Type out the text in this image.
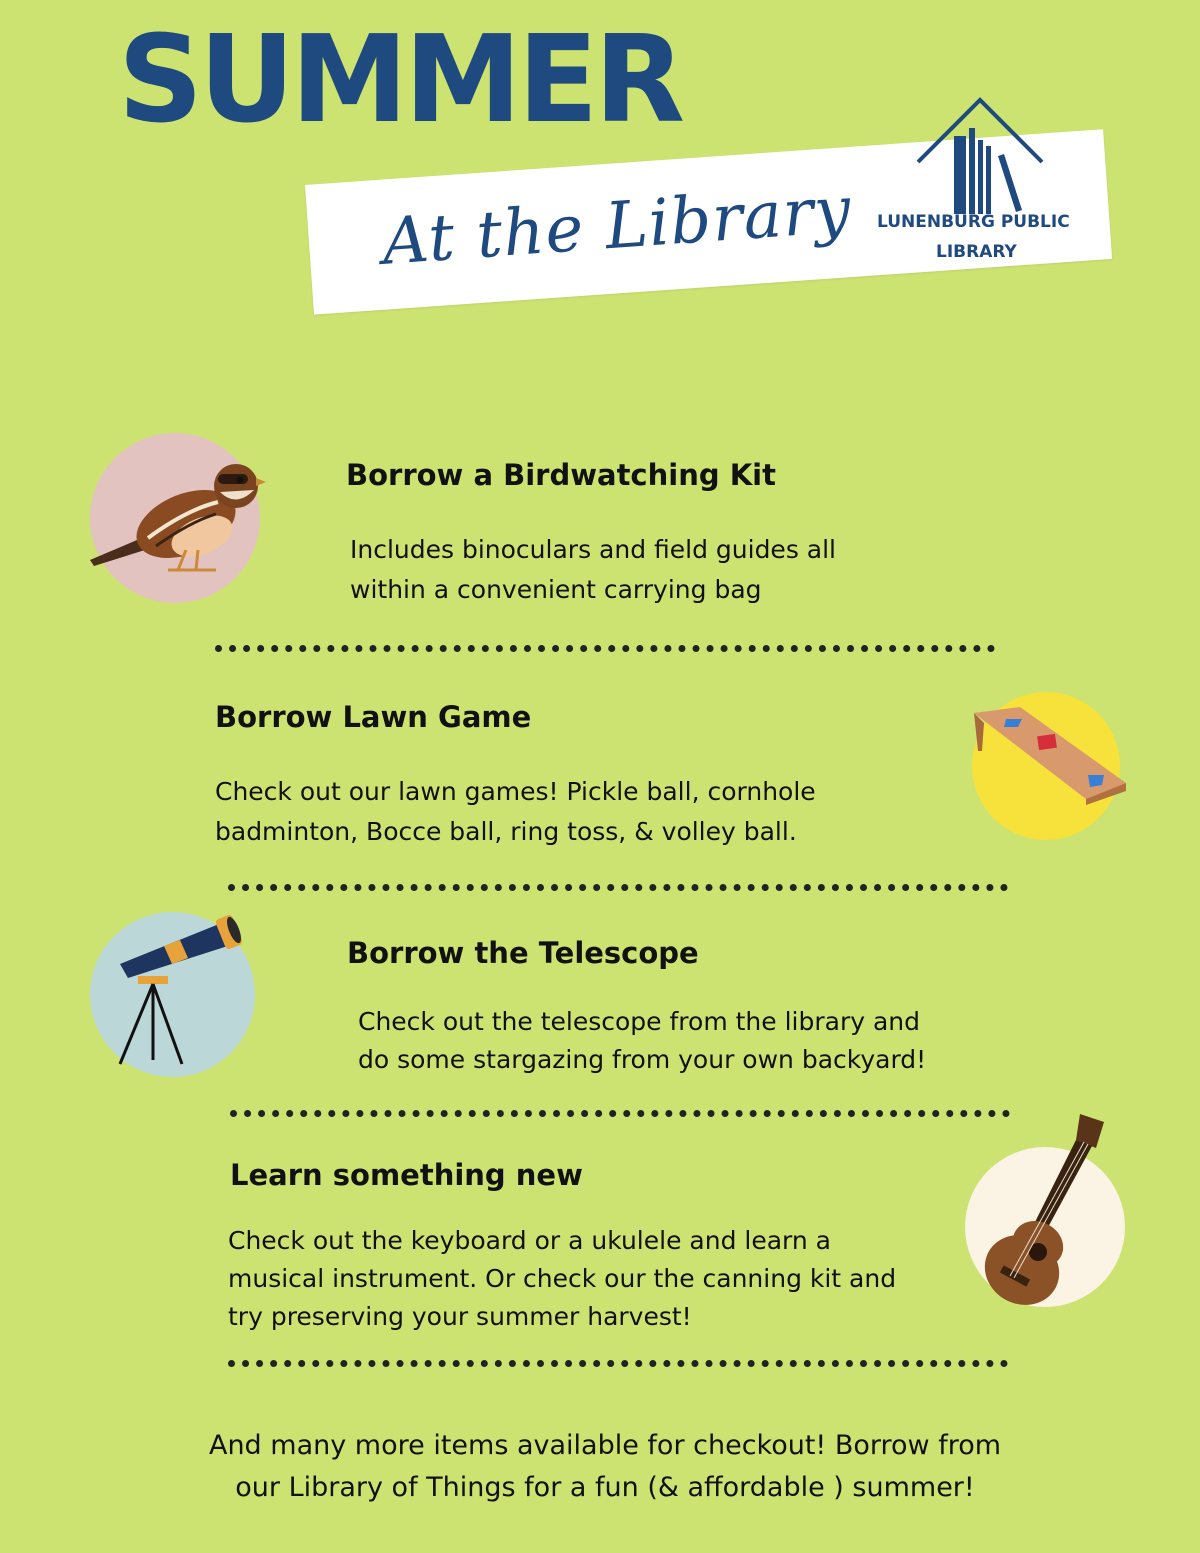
SUMMER
At the Library LUNENBURG PUBLIC
LIBRARY
Borrow a Birdwatching Kit
Includes binoculars and field guides all
within a convenient carrying bag
Borrow Lawn Game
Check out our lawn games! Pickle ball, cornhole
badminton, Bocce ball, ring toss, & volley ball.
Borrow the Telescope
Check out the telescope from the library and
do some stargazing from your own backyard!
Learn something new
Check out the keyboard or a ukulele and learn a
musical instrument. Or check our the canning kit and
try preserving your summer harvest!
And many more items available for checkout! Borrow from
our Library of Things for a fun (& affordable ) summer!
